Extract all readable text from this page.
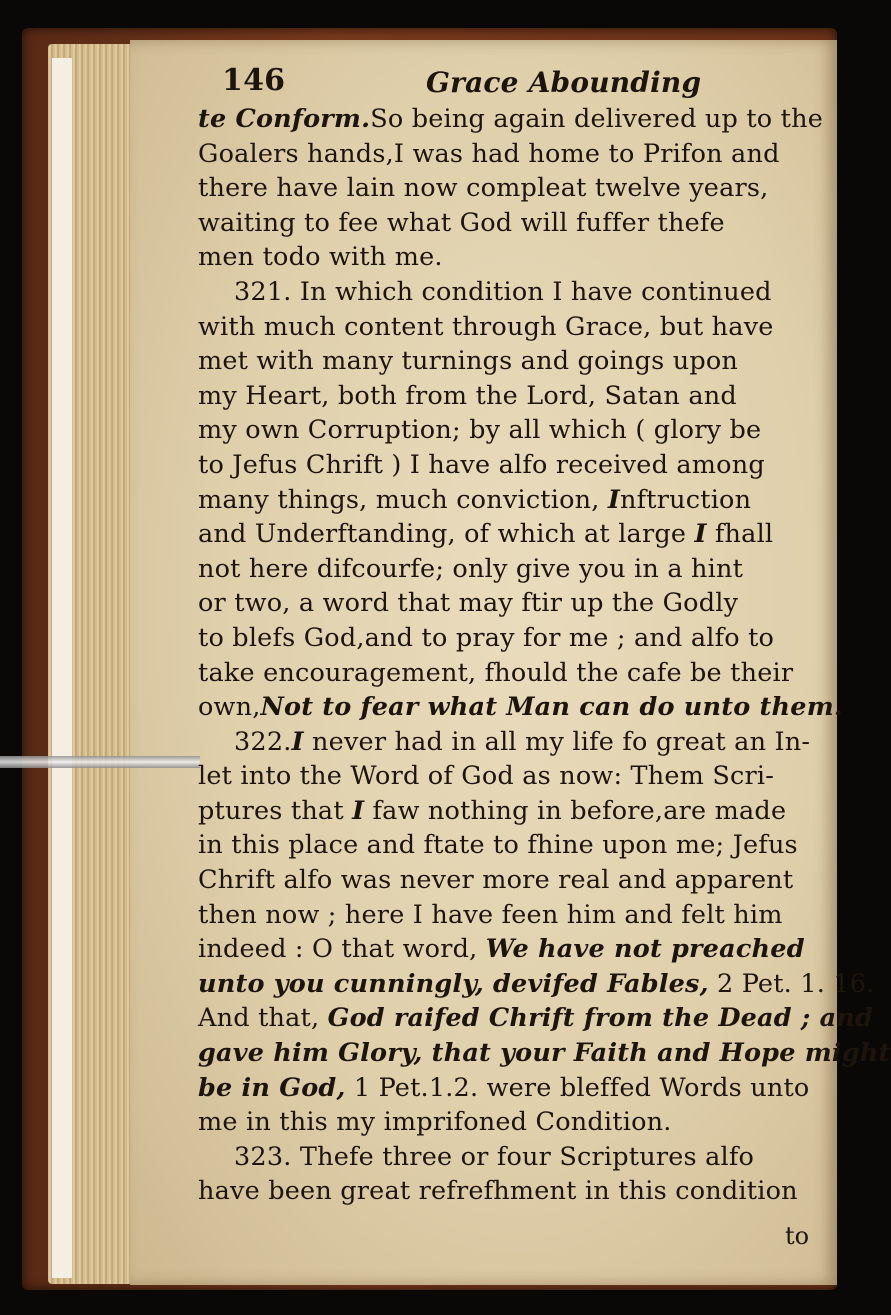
146	Grace Abounding
te Conform.So being again delivered up to the
Goalers hands,I was had home to Prifon and
there have lain now compleat twelve years,
waiting to fee what God will fuffer thefe
men todo with me.
321. In which condition I have continued
with much content through Grace, but have
met with many turnings and goings upon
my Heart, both from the Lord, Satan and
my own Corruption; by all which ( glory be
to Jefus Chrift ) I have alfo received among
many things, much conviction, Inftruction
and Underftanding, of which at large I fhall
not here difcourfe; only give you in a hint
or two, a word that may ftir up the Godly
to blefs God,and to pray for me ; and alfo to
take encouragement, fhould the cafe be their
own,Not to fear what Man can do unto them.
322.I never had in all my life fo great an In-
let into the Word of God as now: Them Scri-
ptures that I faw nothing in before,are made
in this place and ftate to fhine upon me; Jefus
Chrift alfo was never more real and apparent
then now ; here I have feen him and felt him
indeed : O that word, We have not preached
unto you cunningly, devifed Fables, 2 Pet. 1. 16.
And that, God raifed Chrift from the Dead ; and
gave him Glory, that your Faith and Hope might
be in God, 1 Pet.1.2. were bleffed Words unto
me in this my imprifoned Condition.
323. Thefe three or four Scriptures alfo
have been great refrefhment in this condition
to
